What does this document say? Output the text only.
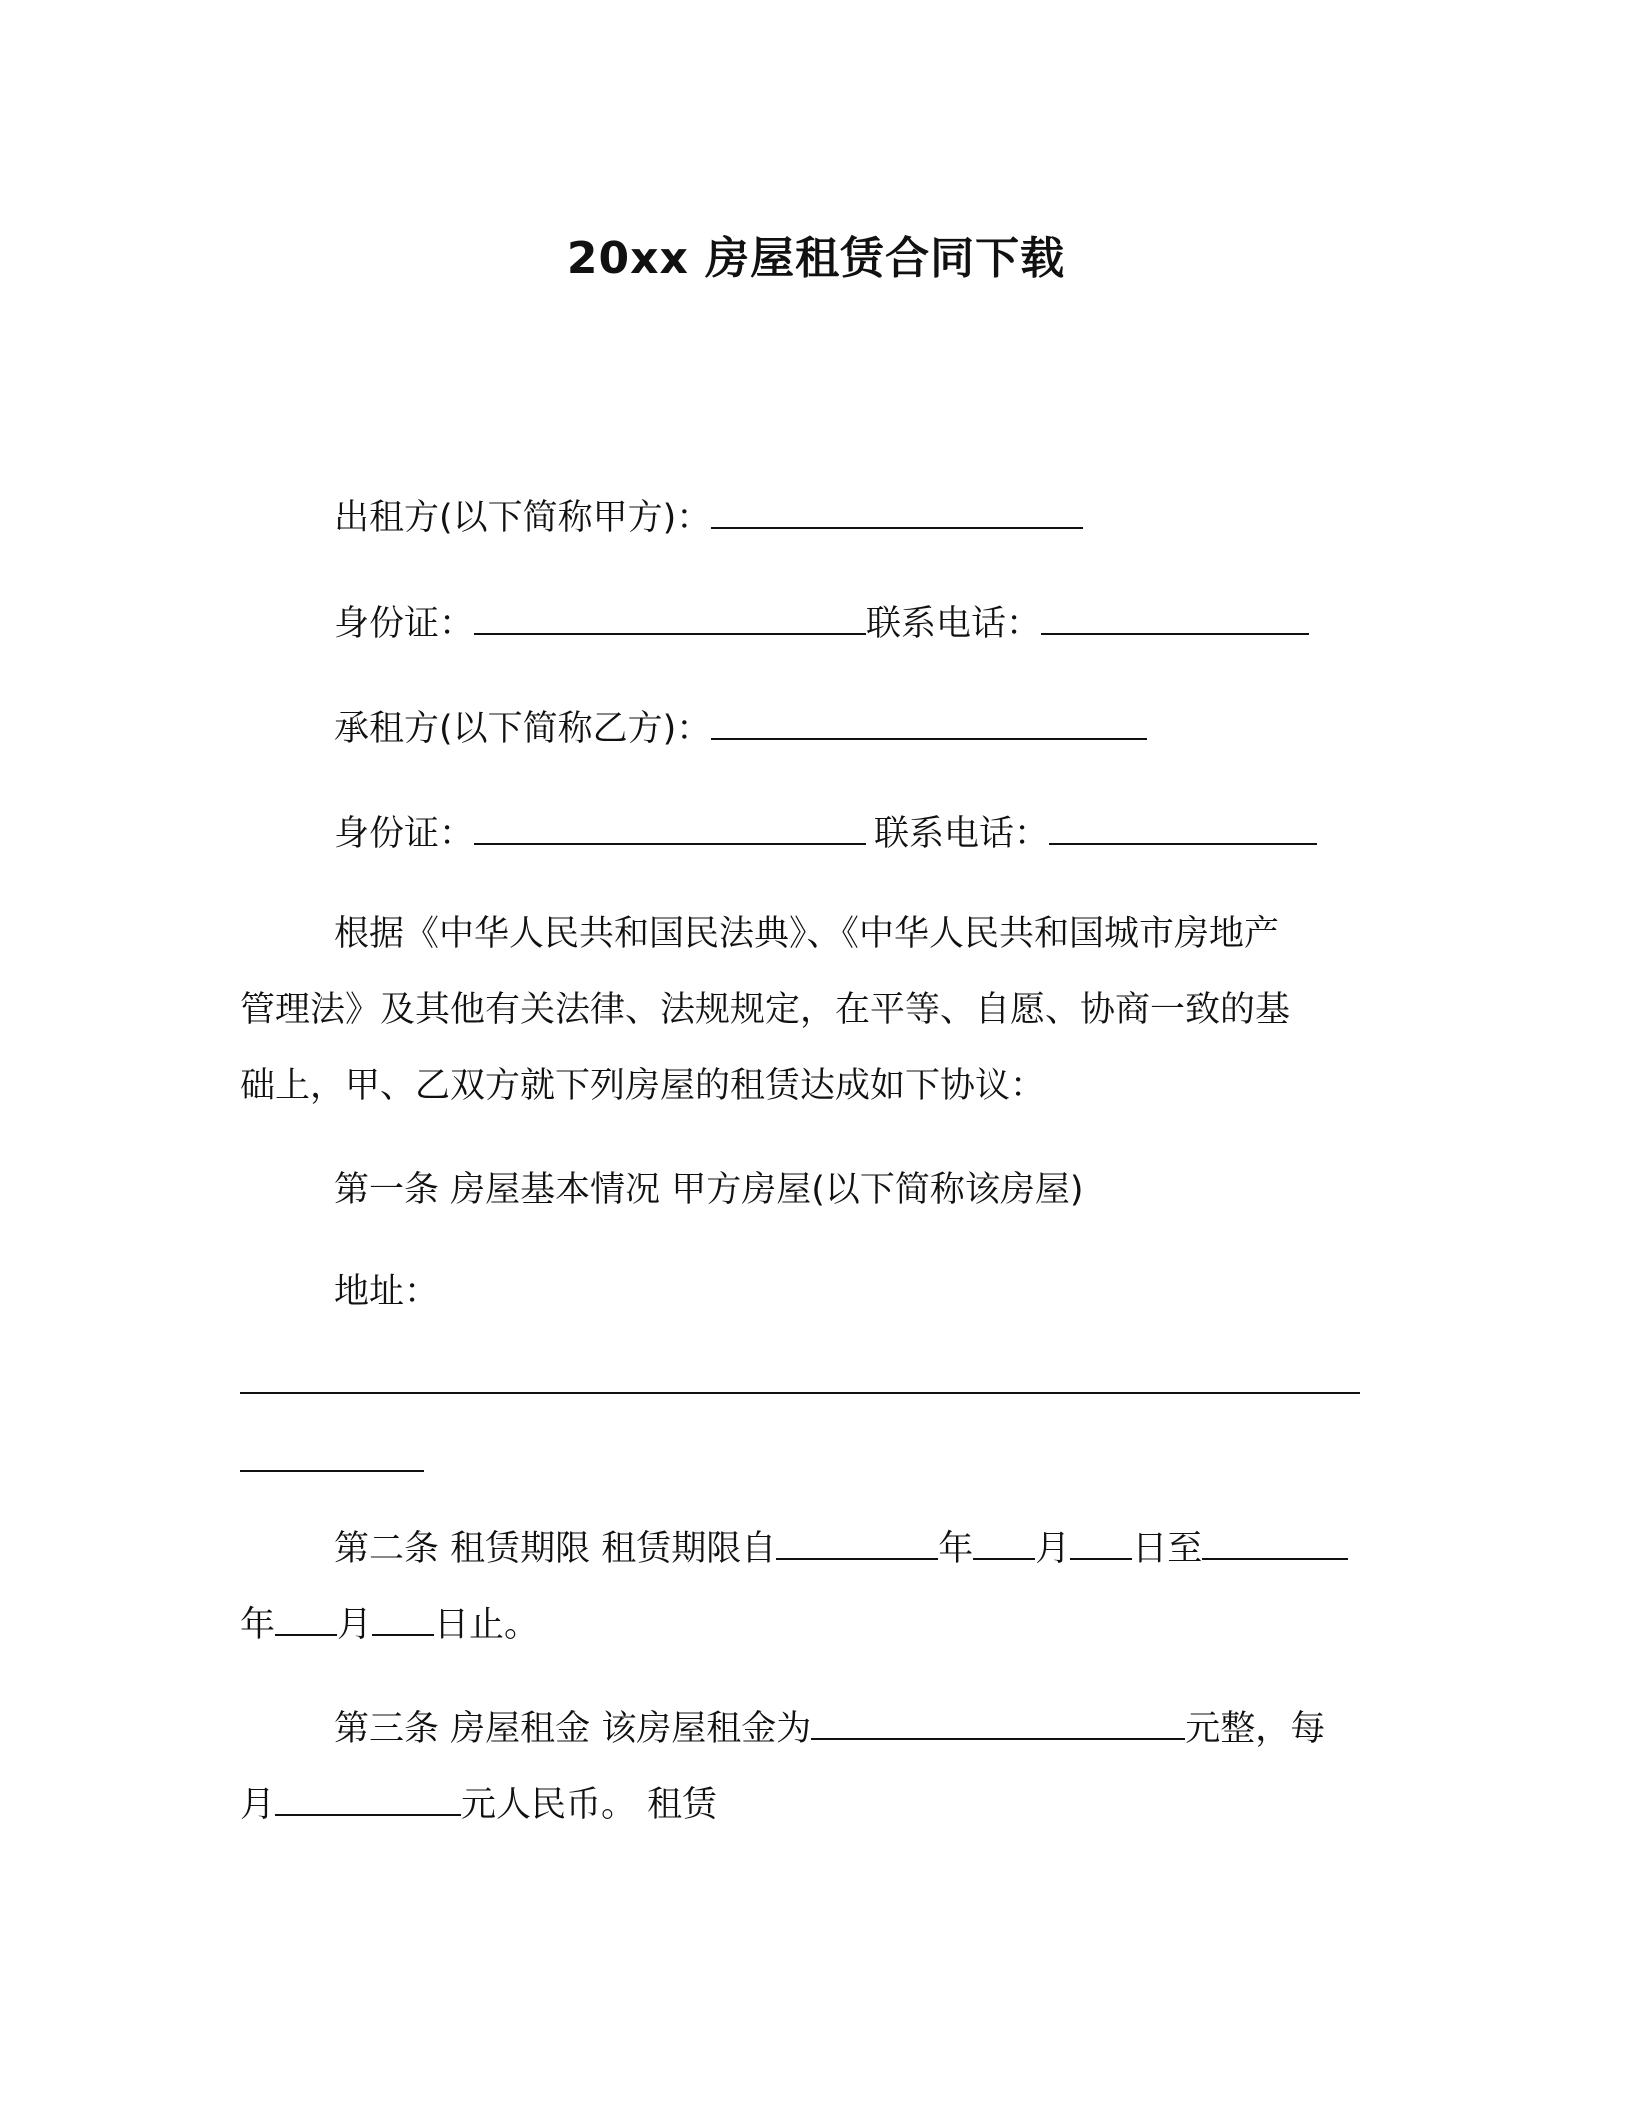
20xx 房屋租赁合同下载
出租方(以下简称甲方)：
身份证：	联系电话：
承租方(以下简称乙方)：
身份证：	联系电话：
根据《中华人民共和国民法典》、《中华人民共和国城市房地产
管理法》及其他有关法律、法规规定，在平等、自愿、协商一致的基
础上，甲、乙双方就下列房屋的租赁达成如下协议：
第一条 房屋基本情况 甲方房屋(以下简称该房屋)
地址：
第二条 租赁期限 租赁期限自	年 月 日至
年 月 日止。
第三条 房屋租金 该房屋租金为	元整，每
月	元人民币。 租赁
